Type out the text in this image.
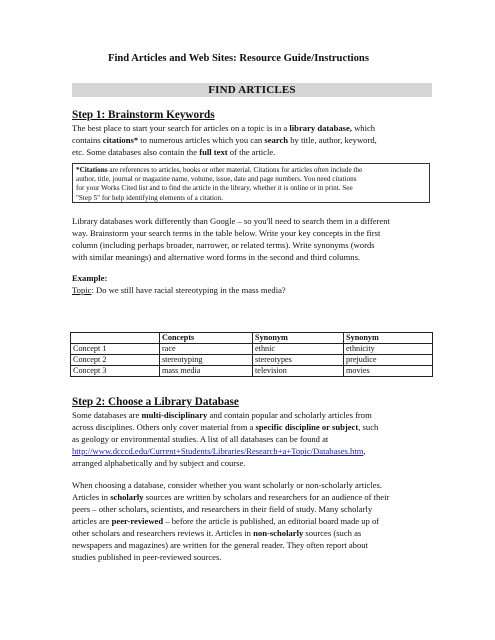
Find Articles and Web Sites: Resource Guide/Instructions
FIND ARTICLES
Step 1: Brainstorm Keywords
The best place to start your search for articles on a topic is in a library database, which
contains citations* to numerous articles which you can search by title, author, keyword,
etc. Some databases also contain the full text of the article.
*Citations are references to articles, books or other material. Citations for articles often include the
author, title, journal or magazine name, volume, issue, date and page numbers. You need citations
for your Works Cited list and to find the article in the library, whether it is online or in print. See
"Step 5" for help identifying elements of a citation.
Library databases work differently than Google – so you'll need to search them in a different
way. Brainstorm your search terms in the table below. Write your key concepts in the first
column (including perhaps broader, narrower, or related terms). Write synonyms (words
with similar meanings) and alternative word forms in the second and third columns.
Example:
Topic: Do we still have racial stereotyping in the mass media?
	Concepts	Synonym	Synonym
Concept 1	race	ethnic	ethnicity
Concept 2	stereotyping	stereotypes	prejudice
Concept 3	mass media	television	movies
Step 2: Choose a Library Database
Some databases are multi-disciplinary and contain popular and scholarly articles from
across disciplines. Others only cover material from a specific discipline or subject, such
as geology or environmental studies. A list of all databases can be found at
http://www.dcccd.edu/Current+Students/Libraries/Research+a+Topic/Databases.htm,
arranged alphabetically and by subject and course.
When choosing a database, consider whether you want scholarly or non-scholarly articles.
Articles in scholarly sources are written by scholars and researchers for an audience of their
peers – other scholars, scientists, and researchers in their field of study. Many scholarly
articles are peer-reviewed – before the article is published, an editorial board made up of
other scholars and researchers reviews it. Articles in non-scholarly sources (such as
newspapers and magazines) are written for the general reader. They often report about
studies published in peer-reviewed sources.
